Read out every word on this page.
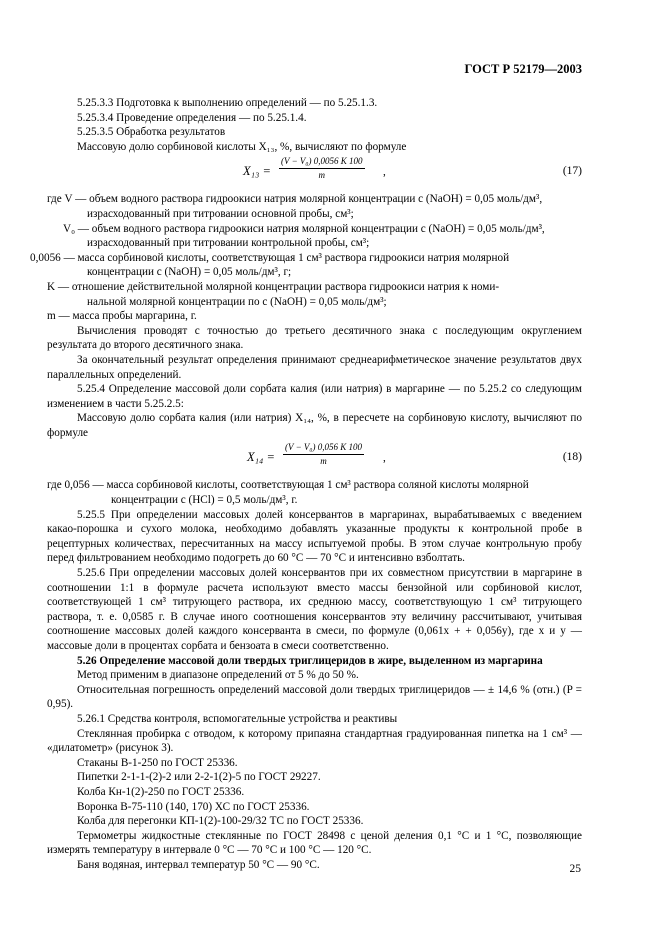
ГОСТ Р 52179—2003

5.25.3.3 Подготовка к выполнению определений — по 5.25.1.3.

5.25.3.4 Проведение определения — по 5.25.1.4.

5.25.3.5 Обработка результатов

Массовую долю сорбиновой кислоты X₁₃, %, вычисляют по формуле

$X_{13} = \frac{\text{(V − V₀) 0,0056 K 100}}{m}$ ,	(17)

где V — объем водного раствора гидроокиси натрия молярной концентрации c (NaOH) = 0,05 моль/дм³,

израсходованный при титровании основной пробы, см³;

V₀ — объем водного раствора гидроокиси натрия молярной концентрации c (NaOH) = 0,05 моль/дм³,

израсходованный при титровании контрольной пробы, см³;

0,0056 — масса сорбиновой кислоты, соответствующая 1 см³ раствора гидроокиси натрия молярной

концентрации c (NaOH) = 0,05 моль/дм³, г;

K — отношение действительной молярной концентрации раствора гидроокиси натрия к номи-

нальной молярной концентрации по c (NaOH) = 0,05 моль/дм³;

m — масса пробы маргарина, г.

Вычисления проводят с точностью до третьего десятичного знака с последующим округлением результата до второго десятичного знака.

За окончательный результат определения принимают среднеарифметическое значение результатов двух параллельных определений.

5.25.4 Определение массовой доли сорбата калия (или натрия) в маргарине — по 5.25.2 со следующим изменением в части 5.25.2.5:

Массовую долю сорбата калия (или натрия) X₁₄, %, в пересчете на сорбиновую кислоту, вычисляют по формуле

$X_{14} = \frac{\text{(V − V₀) 0,056 K 100}}{m}$ ,	(18)

где 0,056 — масса сорбиновой кислоты, соответствующая 1 см³ раствора соляной кислоты молярной

концентрации c (HCl) = 0,5 моль/дм³, г.

5.25.5 При определении массовых долей консервантов в маргаринах, вырабатываемых с введением какао-порошка и сухого молока, необходимо добавлять указанные продукты к контрольной пробе в рецептурных количествах, пересчитанных на массу испытуемой пробы. В этом случае контрольную пробу перед фильтрованием необходимо подогреть до 60 °С — 70 °С и интенсивно взболтать.

5.25.6 При определении массовых долей консервантов при их совместном присутствии в маргарине в соотношении 1:1 в формуле расчета используют вместо массы бензойной или сорбиновой кислот, соответствующей 1 см³ титрующего раствора, их среднюю массу, соответствующую 1 см³ титрующего раствора, т. е. 0,0585 г. В случае иного соотношения консервантов эту величину рассчитывают, учитывая соотношение массовых долей каждого консерванта в смеси, по формуле (0,061x + + 0,056y), где x и y — массовые доли в процентах сорбата и бензоата в смеси соответственно.

5.26 Определение массовой доли твердых триглицеридов в жире, выделенном из маргарина

Метод применим в диапазоне определений от 5 % до 50 %.

Относительная погрешность определений массовой доли твердых триглицеридов — ± 14,6 % (отн.) (P = 0,95).

5.26.1 Средства контроля, вспомогательные устройства и реактивы

Стеклянная пробирка с отводом, к которому припаяна стандартная градуированная пипетка на 1 см³ — «дилатометр» (рисунок 3).

Стаканы В-1-250 по ГОСТ 25336.

Пипетки 2-1-1-(2)-2 или 2-2-1(2)-5 по ГОСТ 29227.

Колба Кн-1(2)-250 по ГОСТ 25336.

Воронка В-75-110 (140, 170) ХС по ГОСТ 25336.

Колба для перегонки КП-1(2)-100-29/32 ТС по ГОСТ 25336.

Термометры жидкостные стеклянные по ГОСТ 28498 с ценой деления 0,1 °С и 1 °С, позволяющие измерять температуру в интервале 0 °С — 70 °С и 100 °С — 120 °С.

Баня водяная, интервал температур 50 °С — 90 °С.	25
